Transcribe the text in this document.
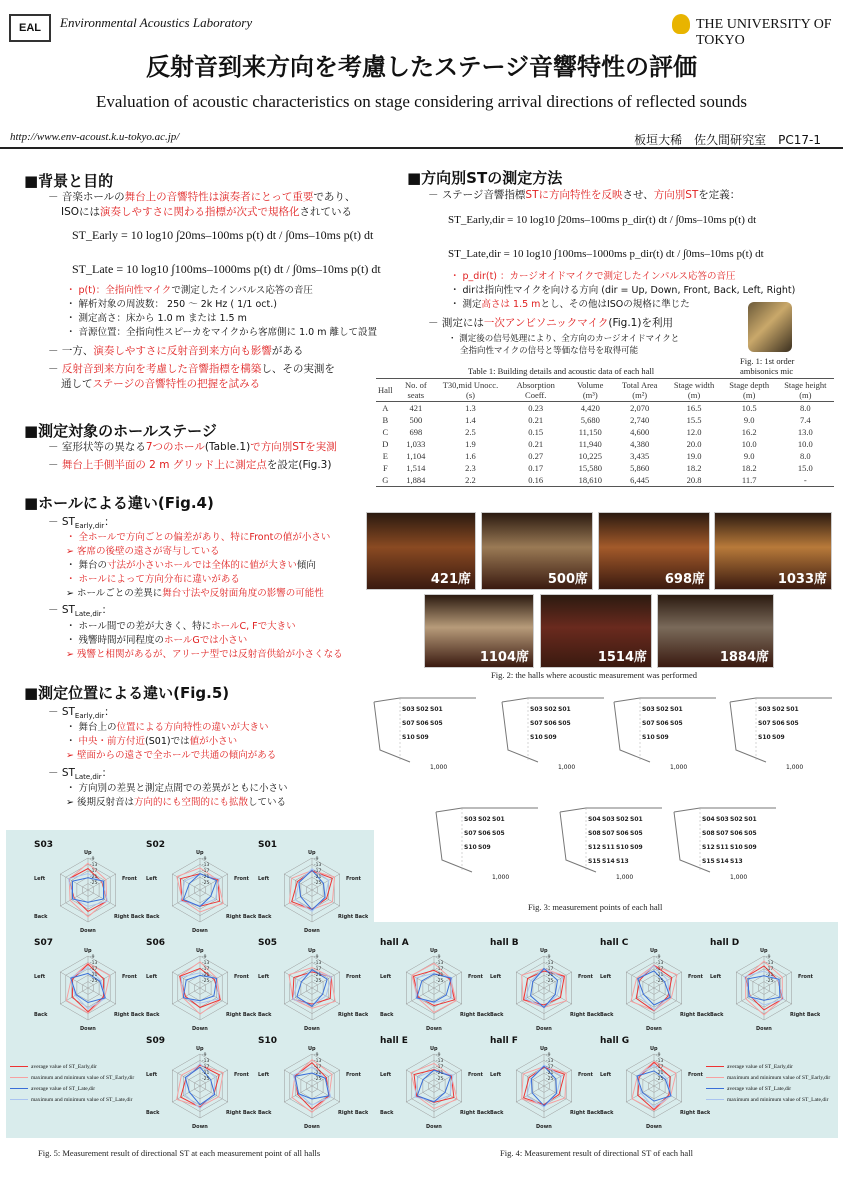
EAL	Environmental Acoustics Laboratory	THE UNIVERSITY OF TOKYO
反射音到来方向を考慮したステージ音響特性の評価
Evaluation of acoustic characteristics on stage considering arrival directions of reflected sounds
http://www.env-acoust.k.u-tokyo.ac.jp/	板垣大稀　佐久間研究室　PC17-1
■背景と目的
－ 音楽ホールの舞台上の音響特性は演奏者にとって重要であり、
ISOには演奏しやすさに関わる指標が次式で規格化されている
ST_Early = 10 log10 ∫20ms–100ms p(t) dt / ∫0ms–10ms p(t) dt
ST_Late = 10 log10 ∫100ms–1000ms p(t) dt / ∫0ms–10ms p(t) dt
・ p(t)：全指向性マイクで測定したインパルス応答の音圧
・ 解析対象の周波数： 250 〜 2k Hz ( 1/1 oct.)
・ 測定高さ：床から 1.0 m または 1.5 m
・ 音源位置：全指向性スピーカをマイクから客席側に 1.0 m 離して設置
－ 一方、演奏しやすさに反射音到来方向も影響がある
－ 反射音到来方向を考慮した音響指標を構築し、その実測を
通してステージの音響特性の把握を試みる
■測定対象のホールステージ
－ 室形状等の異なる7つのホール(Table.1)で方向別STを実測
－ 舞台上手側半面の 2 m グリッド上に測定点を設定(Fig.3)
■ホールによる違い(Fig.4)
－ $ST_{Early,dir}$：
・ 全ホールで方向ごとの偏差があり、特にFrontの値が小さい
➢ 客席の後壁の遠さが寄与している
・ 舞台の寸法が小さいホールでは全体的に値が大きい傾向
・ ホールによって方向分布に違いがある
➢ ホールごとの差異に舞台寸法や反射面角度の影響の可能性
－ $ST_{Late,dir}$：
・ ホール間での差が大きく、特にホールC, Fで大きい
・ 残響時間が同程度のホールGでは小さい
➢ 残響と相関があるが、アリーナ型では反射音供給が小さくなる
■測定位置による違い(Fig.5)
－ $ST_{Early,dir}$：
・ 舞台上の位置による方向特性の違いが大きい
・ 中央・前方付近(S01)では値が小さい
➢ 壁面からの遠さで全ホールで共通の傾向がある
－ $ST_{Late,dir}$：
・ 方向別の差異と測定点間での差異がともに小さい
➢ 後期反射音は方向的にも空間的にも拡散している
■方向別STの測定方法
－ ステージ音響指標STに方向特性を反映させ、方向別STを定義：
ST_Early,dir = 10 log10 ∫20ms–100ms p_dir(t) dt / ∫0ms–10ms p(t) dt
ST_Late,dir = 10 log10 ∫100ms–1000ms p_dir(t) dt / ∫0ms–10ms p(t) dt
・ p_dir(t) ：カージオイドマイクで測定したインパルス応答の音圧
・ dirは指向性マイクを向ける方向 (dir = Up, Down, Front, Back, Left, Right)
・ 測定高さは 1.5 mとし、その他はISOの規格に準じた
－ 測定には一次アンビソニックマイク(Fig.1)を利用
・ 測定後の信号処理により、全方向のカージオイドマイクと
全指向性マイクの信号と等価な信号を取得可能
Fig. 1: 1st order
ambisonics mic
Table 1: Building details and acoustic data of each hall
Hall	No. of seats	T30,mid Unocc. (s)	Absorption Coeff.	Volume (m³)	Total Area (m²)	Stage width (m)	Stage depth (m)	Stage height (m)
A	421	1.3	0.23	4,420	2,070	16.5	10.5	8.0
B	500	1.4	0.21	5,680	2,740	15.5	9.0	7.4
C	698	2.5	0.15	11,150	4,600	12.0	16.2	13.0
D	1,033	1.9	0.21	11,940	4,380	20.0	10.0	10.0
E	1,104	1.6	0.27	10,225	3,435	19.0	9.0	8.0
F	1,514	2.3	0.17	15,580	5,860	18.2	18.2	15.0
G	1,884	2.2	0.16	18,610	6,445	20.8	11.7	-
421席	500席	698席	1033席
1104席	1514席	1884席
Fig. 2: the halls where acoustic measurement was performed
S03 S02 S01
S07 S06 S05
S10 S09
1,000
S03 S02 S01
S07 S06 S05
S10 S09
1,000
S03 S02 S01
S07 S06 S05
S10 S09
1,000
S03 S02 S01
S07 S06 S05
S10 S09
1,000
S03 S02 S01
S07 S06 S05
S10 S09
1,000
S04 S03 S02 S01
S08 S07 S06 S05
S12 S11 S10 S09
S15 S14 S13
1,000
S04 S03 S02 S01
S08 S07 S06 S05
S12 S11 S10 S09
S15 S14 S13
1,000
Fig. 3: measurement points of each hall
-9
-13
-17
-21
-25
Up
Down
Front
Right Back
Left
Back
S03
-9
-13
-17
-21
-25
Up
Down
Front
Right Back
Left
Back
S02
-9
-13
-17
-21
-25
Up
Down
Front
Right Back
Left
Back
S01
-9
-13
-17
-21
-25
Up
Down
Front
Right Back
Left
Back
S07
-9
-13
-17
-21
-25
Up
Down
Front
Right Back
Left
Back
S06
-9
-13
-17
-21
-25
Up
Down
Front
Right Back
Left
Back
S05
-9
-13
-17
-21
-25
Up
Down
Front
Right Back
Left
Back
S09
-9
-13
-17
-21
-25
Up
Down
Front
Right Back
Left
Back
S10
-9
-13
-17
-21
-25
Up
Down
Front
Right Back
Left
Back
hall A
-9
-13
-17
-21
-25
Up
Down
Front
Right Back
Left
Back
hall B
-9
-13
-17
-21
-25
Up
Down
Front
Right Back
Left
Back
hall C
-9
-13
-17
-21
-25
Up
Down
Front
Right Back
Left
Back
hall D
-9
-13
-17
-21
-25
Up
Down
Front
Right Back
Left
Back
hall E
-9
-13
-17
-21
-25
Up
Down
Front
Right Back
Left
Back
hall F
-9
-13
-17
-21
-25
Up
Down
Front
Right Back
Left
Back
hall G
average value of ST_Early,dir
maximum and minimum value of ST_Early,dir
average value of ST_Late,dir
maximum and minimum value of ST_Late,dir
average value of ST_Early,dir
maximum and minimum value of ST_Early,dir
average value of ST_Late,dir
maximum and minimum value of ST_Late,dir
Fig. 5: Measurement result of directional ST at each measurement point of all halls	Fig. 4: Measurement result of directional ST of each hall
